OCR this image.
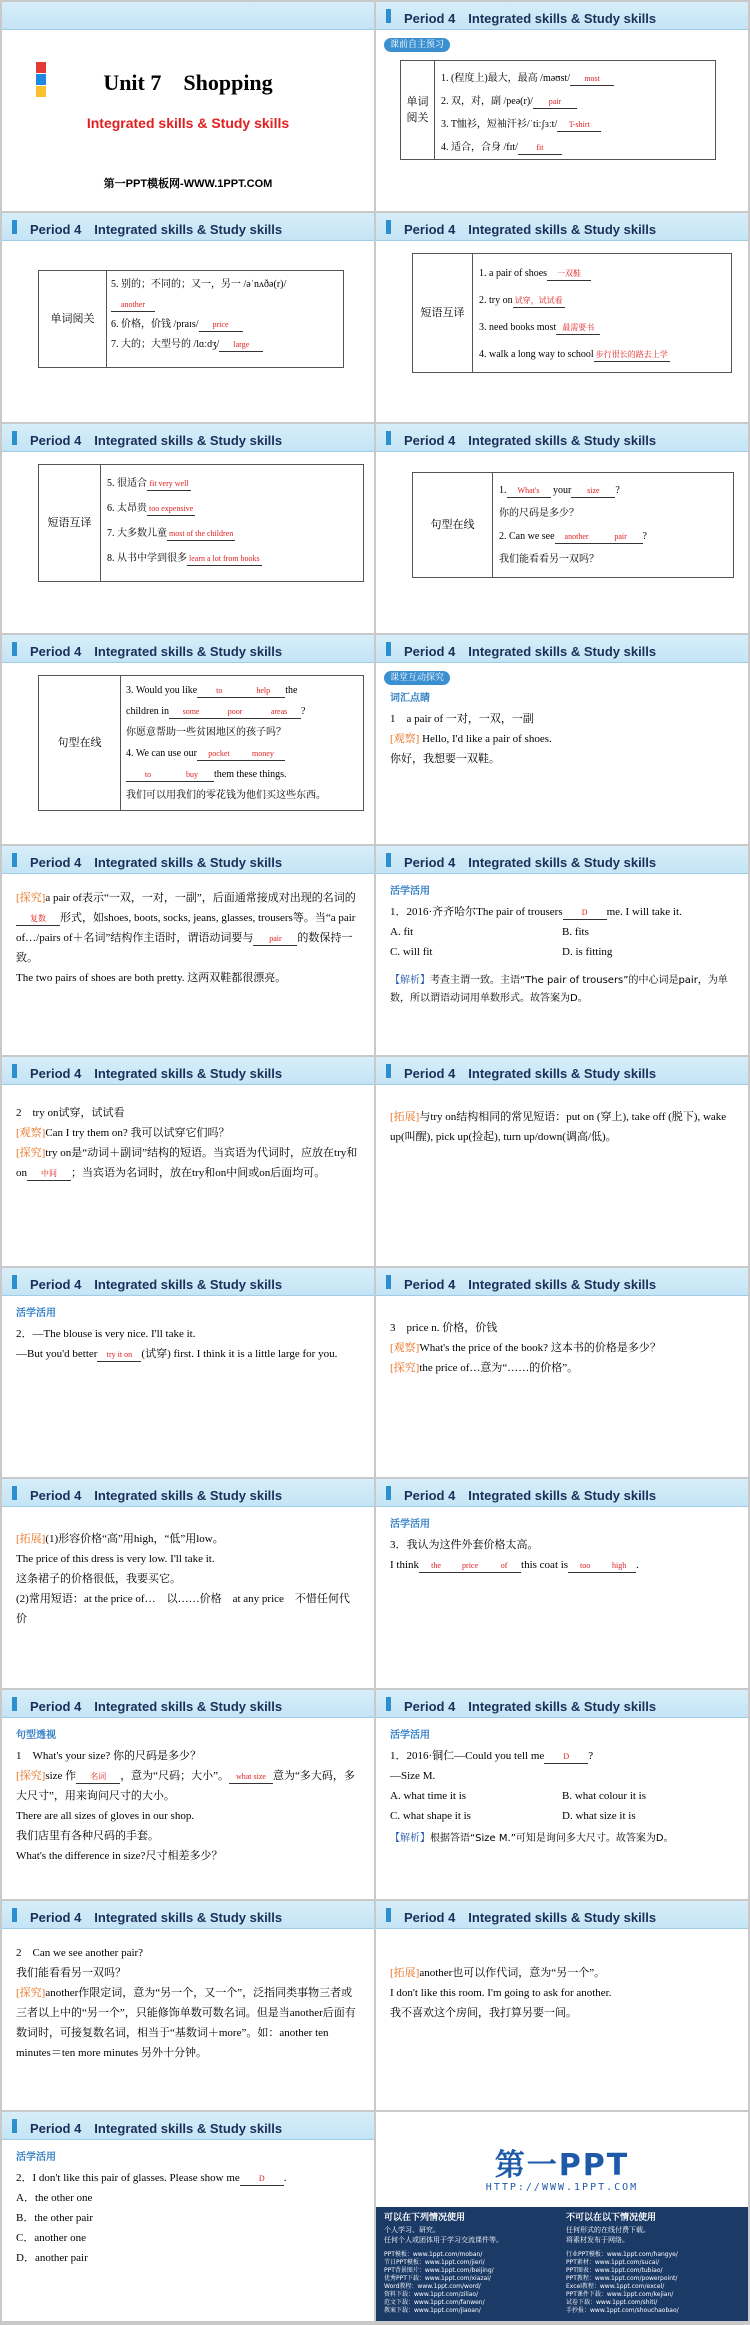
Unit 7　Shopping
Integrated skills & Study skills
第一PPT模板网-WWW.1PPT.COM
Period 4　Integrated skills & Study skills
课前自主预习
单词阅关
1. (程度上)最大，最高 /məʊst/ most
2. 双，对，副 /peə(r)/ pair
3. T恤衫，短袖汗衫/ˈtiːʃɜːt/ T-shirt
4. 适合，合身 /fɪt/ fit
Period 4　Integrated skills & Study skills
单词阅关
5. 别的；不同的；又一，另一 /əˈnʌðə(r)/
another
6. 价格，价钱 /praɪs/ price
7. 大的；大型号的 /lɑːdʒ/ large
Period 4　Integrated skills & Study skills
短语互译
1. a pair of shoes 一双鞋
2. try on 试穿，试试看
3. need books most 最需要书
4. walk a long way to school 步行很长的路去上学
Period 4　Integrated skills & Study skills
短语互译
5. 很适合 fit very well
6. 太昂贵 too expensive
7. 大多数儿童 most of the children
8. 从书中学到很多 learn a lot from books
Period 4　Integrated skills & Study skills
句型在线
1. What's your size ?
你的尺码是多少？
2. Can we see another	pair ?
我们能看看另一双吗？
Period 4　Integrated skills & Study skills
句型在线
3. Would you like to	help the
children in some	poor	areas ?
你愿意帮助一些贫困地区的孩子吗？
4. We can use our pocket	money
to	buy them these things.
我们可以用我们的零花钱为他们买这些东西。
Period 4　Integrated skills & Study skills
课堂互动探究
词汇点睛
1　a pair of 一对，一双，一副
[观察] Hello, I'd like a pair of shoes.
你好，我想要一双鞋。
Period 4　Integrated skills & Study skills
[探究]a pair of表示“一双，一对，一副”，后面通常接成对出现的名词的复数 形式，如shoes, boots, socks, jeans, glasses, trousers等。当“a pair of…/pairs of＋名词”结构作主语时，谓语动词要与 pair 的数保持一致。
The two pairs of shoes are both pretty. 这两双鞋都很漂亮。
Period 4　Integrated skills & Study skills
活学活用
1．2016·齐齐哈尔The pair of trousers D me. I will take it.
A. fit	B. fits
C. will fit	D. is fitting
【解析】考查主谓一致。主语“The pair of trousers”的中心词是pair，为单数，所以谓语动词用单数形式。故答案为D。
Period 4　Integrated skills & Study skills
2　try on试穿，试试看
[观察]Can I try them on? 我可以试穿它们吗？
[探究]try on是“动词＋副词”结构的短语。当宾语为代词时，应放在try和on 中间 ；当宾语为名词时，放在try和on中间或on后面均可。
Period 4　Integrated skills & Study skills
[拓展]与try on结构相同的常见短语：put on (穿上), take off (脱下), wake up(叫醒), pick up(捡起), turn up/down(调高/低)。
Period 4　Integrated skills & Study skills
活学活用
2．—The blouse is very nice. I'll take it.
—But you'd better try it on (试穿) first. I think it is a little large for you.
Period 4　Integrated skills & Study skills
3　price n. 价格，价钱
[观察]What's the price of the book? 这本书的价格是多少？
[探究]the price of…意为“……的价格”。
Period 4　Integrated skills & Study skills
[拓展](1)形容价格“高”用high，“低”用low。
The price of this dress is very low. I'll take it.
这条裙子的价格很低，我要买它。
(2)常用短语：at the price of…　以……价格　at any price　不惜任何代价
Period 4　Integrated skills & Study skills
活学活用
3．我认为这件外套价格太高。
I think the	price	of this coat is too	high .
Period 4　Integrated skills & Study skills
句型透视
1　What's your size? 你的尺码是多少？
[探究]size 作 名词 ，意为“尺码；大小”。 what size 意为“多大码，多大尺寸”，用来询问尺寸的大小。
There are all sizes of gloves in our shop.
我们店里有各种尺码的手套。
What's the difference in size?尺寸相差多少？
Period 4　Integrated skills & Study skills
活学活用
1．2016·铜仁—Could you tell me D ?
—Size M.
A. what time it is	B. what colour it is
C. what shape it is	D. what size it is
【解析】根据答语“Size M.”可知是询问多大尺寸。故答案为D。
Period 4　Integrated skills & Study skills
2　Can we see another pair?
我们能看看另一双吗？
[探究]another作限定词，意为“另一个，又一个”，泛指同类事物三者或三者以上中的“另一个”，只能修饰单数可数名词。但是当another后面有数词时，可接复数名词，相当于“基数词＋more”。如：another ten minutes＝ten more minutes 另外十分钟。
Period 4　Integrated skills & Study skills
[拓展]another也可以作代词，意为“另一个”。
I don't like this room. I'm going to ask for another.
我不喜欢这个房间，我打算另要一间。
Period 4　Integrated skills & Study skills
活学活用
2．I don't like this pair of glasses. Please show me D .
A．the other one
B．the other pair
C．another one
D．another pair
第一PPT
HTTP://WWW.1PPT.COM
可以在下列情况使用
个人学习、研究。
任何个人或团体用于学习交流课件等。
PPT模板：www.1ppt.com/moban/
节日PPT模板：www.1ppt.com/jieri/
PPT背景图片：www.1ppt.com/beijing/
优秀PPT下载：www.1ppt.com/xiazai/
Word教程：www.1ppt.com/word/
资料下载：www.1ppt.com/ziliao/
范文下载：www.1ppt.com/fanwen/
教案下载：www.1ppt.com/jiaoan/
不可以在以下情况使用
任何形式的在线付费下载。
将素材发布于网络。
行业PPT模板：www.1ppt.com/hangye/
PPT素材：www.1ppt.com/sucai/
PPT图表：www.1ppt.com/tubiao/
PPT教程：www.1ppt.com/powerpoint/
Excel教程：www.1ppt.com/excel/
PPT课件下载：www.1ppt.com/kejian/
试卷下载：www.1ppt.com/shiti/
手抄报：www.1ppt.com/shouchaobao/
